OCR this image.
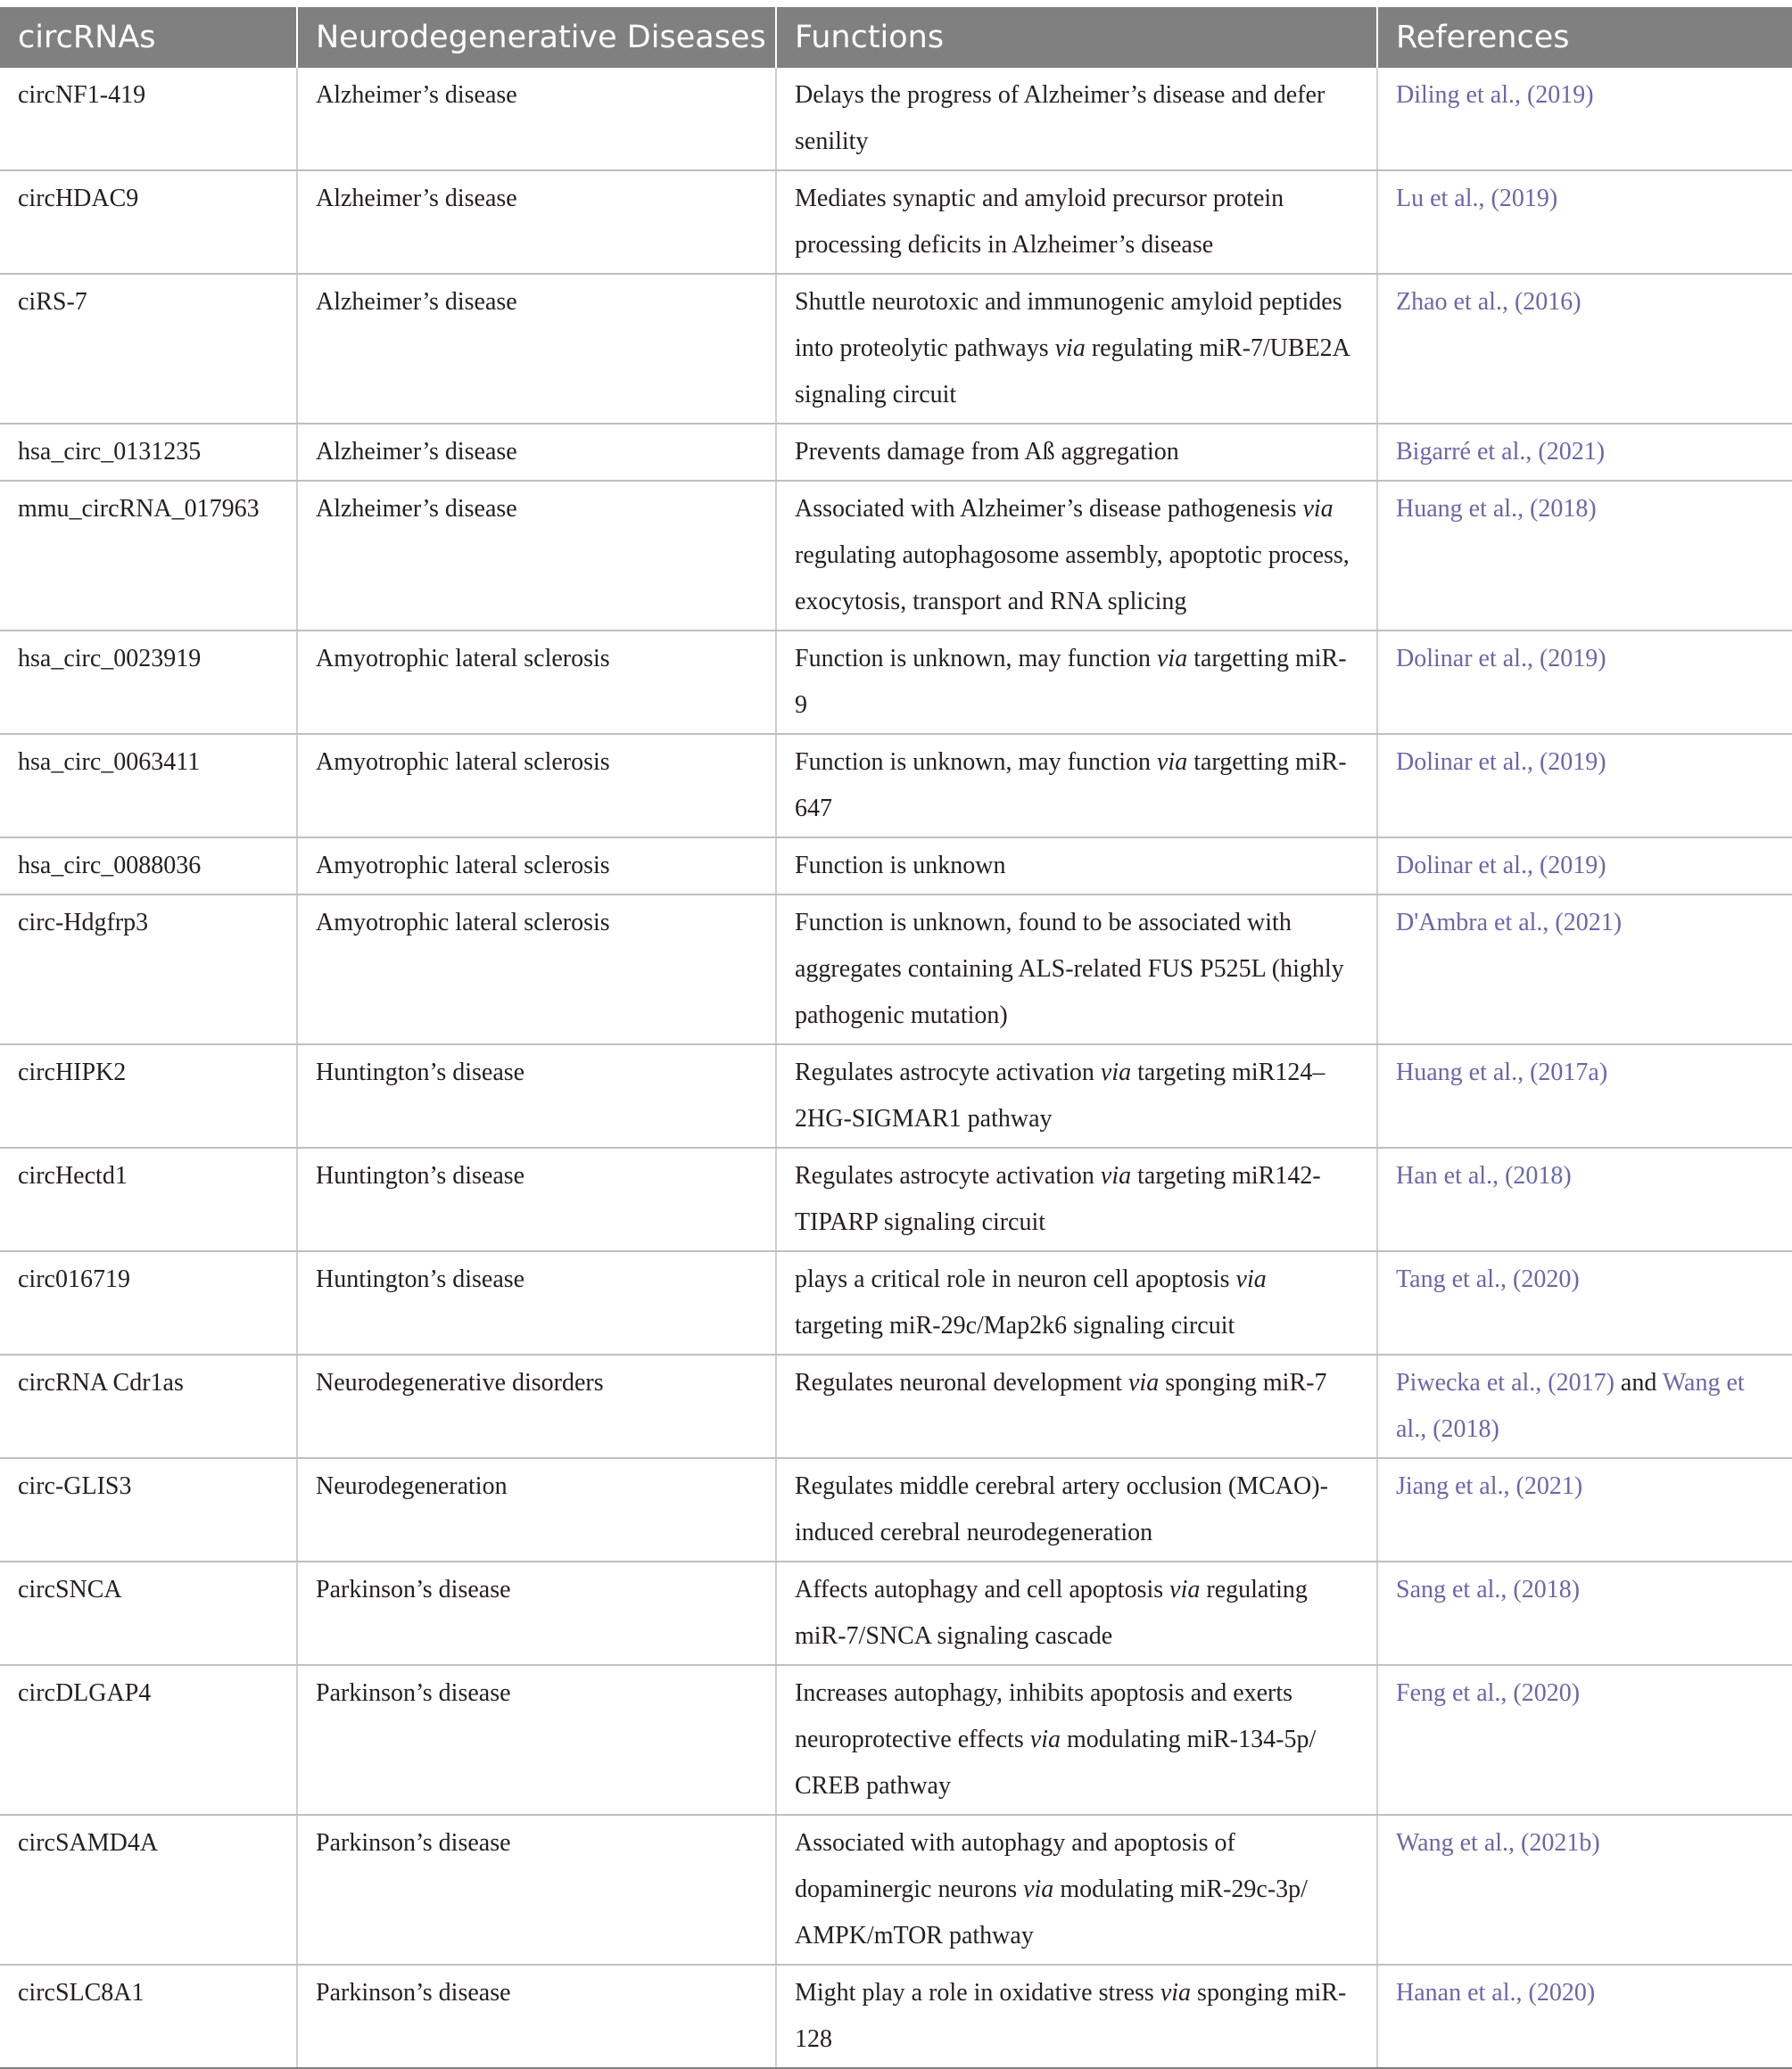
circRNAs	Neurodegenerative Diseases	Functions	References
circNF1-419	Alzheimer’s disease	Delays the progress of Alzheimer’s disease and defer senility	Diling et al., (2019)
circHDAC9	Alzheimer’s disease	Mediates synaptic and amyloid precursor protein processing deficits in Alzheimer’s disease	Lu et al., (2019)
ciRS-7	Alzheimer’s disease	Shuttle neurotoxic and immunogenic amyloid peptides into proteolytic pathways via regulating miR-7/UBE2A signaling circuit	Zhao et al., (2016)
hsa_circ_0131235	Alzheimer’s disease	Prevents damage from Aß aggregation	Bigarré et al., (2021)
mmu_circRNA_017963	Alzheimer’s disease	Associated with Alzheimer’s disease pathogenesis via regulating autophagosome assembly, apoptotic process, exocytosis, transport and RNA splicing	Huang et al., (2018)
hsa_circ_0023919	Amyotrophic lateral sclerosis	Function is unknown, may function via targetting miR-9	Dolinar et al., (2019)
hsa_circ_0063411	Amyotrophic lateral sclerosis	Function is unknown, may function via targetting miR-647	Dolinar et al., (2019)
hsa_circ_0088036	Amyotrophic lateral sclerosis	Function is unknown	Dolinar et al., (2019)
circ-Hdgfrp3	Amyotrophic lateral sclerosis	Function is unknown, found to be associated with aggregates containing ALS-related FUS P525L (highly pathogenic mutation)	D'Ambra et al., (2021)
circHIPK2	Huntington’s disease	Regulates astrocyte activation via targeting miR124–2HG-SIGMAR1 pathway	Huang et al., (2017a)
circHectd1	Huntington’s disease	Regulates astrocyte activation via targeting miR142-TIPARP signaling circuit	Han et al., (2018)
circ016719	Huntington’s disease	plays a critical role in neuron cell apoptosis via targeting miR-29c/Map2k6 signaling circuit	Tang et al., (2020)
circRNA Cdr1as	Neurodegenerative disorders	Regulates neuronal development via sponging miR-7	Piwecka et al., (2017) and Wang et al., (2018)
circ-GLIS3	Neurodegeneration	Regulates middle cerebral artery occlusion (MCAO)-induced cerebral neurodegeneration	Jiang et al., (2021)
circSNCA	Parkinson’s disease	Affects autophagy and cell apoptosis via regulating miR-7/SNCA signaling cascade	Sang et al., (2018)
circDLGAP4	Parkinson’s disease	Increases autophagy, inhibits apoptosis and exerts neuroprotective effects via modulating miR-134-5p/ CREB pathway	Feng et al., (2020)
circSAMD4A	Parkinson’s disease	Associated with autophagy and apoptosis of dopaminergic neurons via modulating miR-29c-3p/ AMPK/mTOR pathway	Wang et al., (2021b)
circSLC8A1	Parkinson’s disease	Might play a role in oxidative stress via sponging miR-128	Hanan et al., (2020)
